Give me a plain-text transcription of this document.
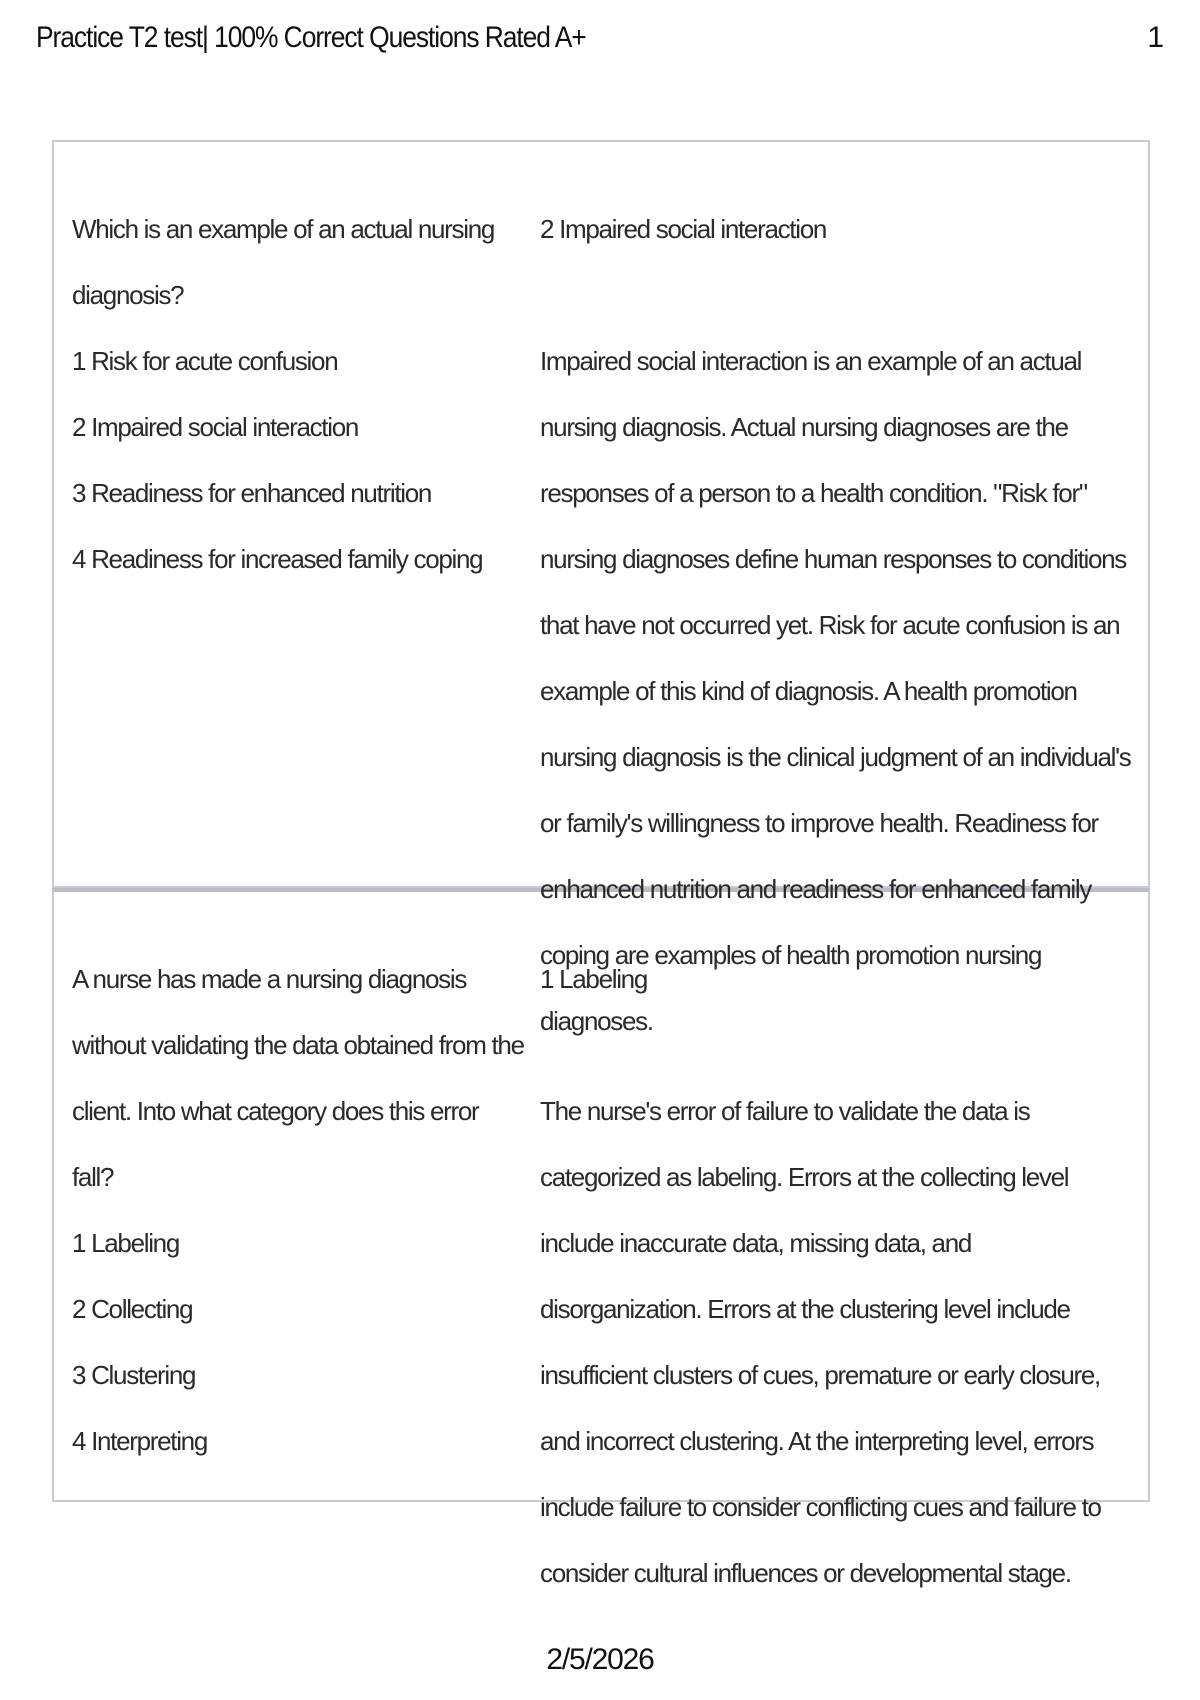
Practice T2 test| 100% Correct Questions Rated A+	1
Which is an example of an actual nursing diagnosis?
1 Risk for acute confusion
2 Impaired social interaction
3 Readiness for enhanced nutrition
4 Readiness for increased family coping
2 Impaired social interaction
Impaired social interaction is an example of an actual nursing diagnosis. Actual nursing diagnoses are the responses of a person to a health condition. "Risk for" nursing diagnoses define human responses to conditions that have not occurred yet. Risk for acute confusion is an example of this kind of diagnosis. A health promotion nursing diagnosis is the clinical judgment of an individual's or family's willingness to improve health. Readiness for enhanced nutrition and readiness for enhanced family coping are examples of health promotion nursing diagnoses.
A nurse has made a nursing diagnosis without validating the data obtained from the client. Into what category does this error fall?
1 Labeling
2 Collecting
3 Clustering
4 Interpreting
1 Labeling
The nurse's error of failure to validate the data is categorized as labeling. Errors at the collecting level include inaccurate data, missing data, and disorganization. Errors at the clustering level include insufficient clusters of cues, premature or early closure, and incorrect clustering. At the interpreting level, errors include failure to consider conflicting cues and failure to consider cultural influences or developmental stage.
2/5/2026
